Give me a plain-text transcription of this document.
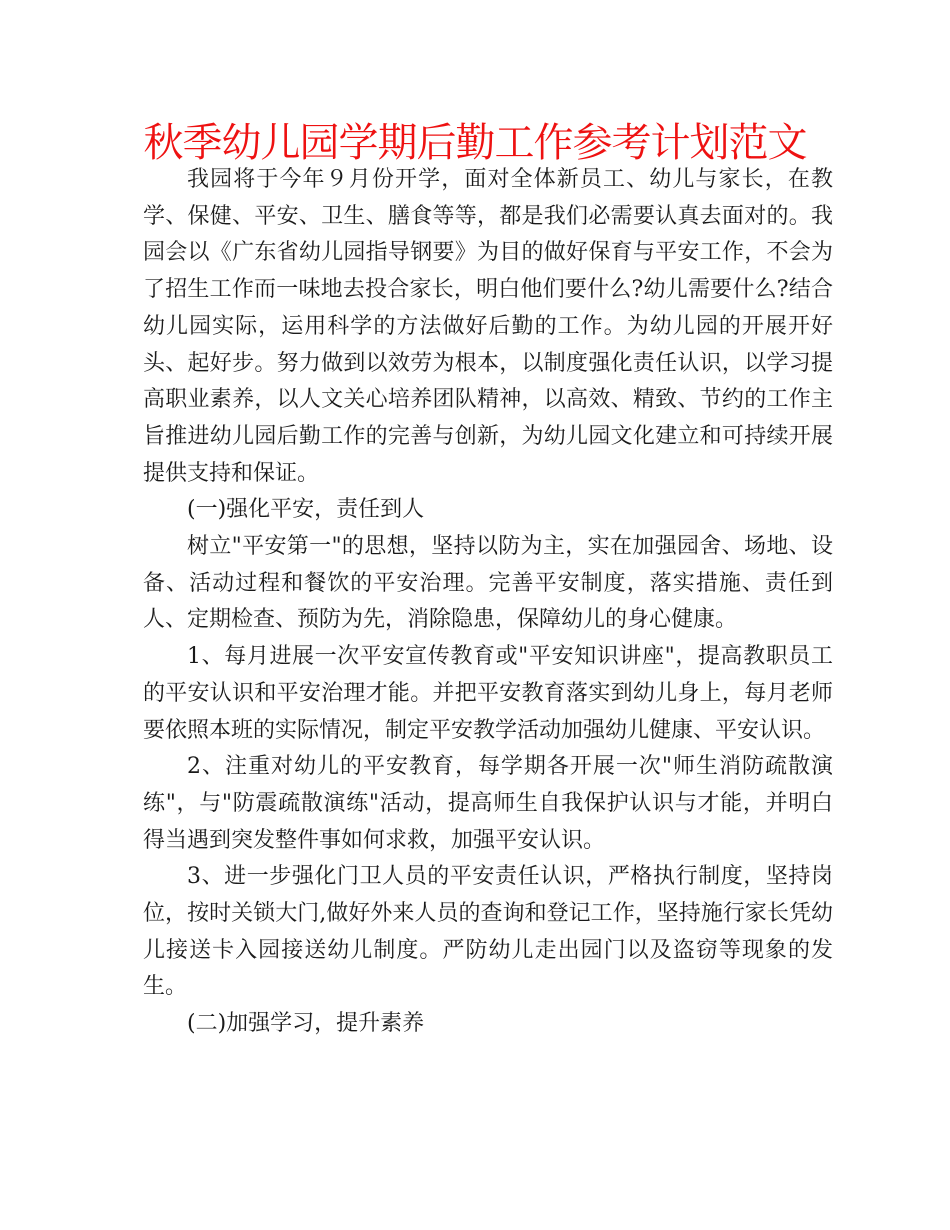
秋季幼儿园学期后勤工作参考计划范文

我园将于今年９月份开学，面对全体新员工、幼儿与家长，在教学、保健、平安、卫生、膳食等等，都是我们必需要认真去面对的。我园会以《广东省幼儿园指导钢要》为目的做好保育与平安工作，不会为了招生工作而一味地去投合家长，明白他们要什么?幼儿需要什么?结合幼儿园实际，运用科学的方法做好后勤的工作。为幼儿园的开展开好头、起好步。努力做到以效劳为根本，以制度强化责任认识，以学习提高职业素养，以人文关心培养团队精神，以高效、精致、节约的工作主旨推进幼儿园后勤工作的完善与创新，为幼儿园文化建立和可持续开展提供支持和保证。

(一)强化平安，责任到人

树立"平安第一"的思想，坚持以防为主，实在加强园舍、场地、设备、活动过程和餐饮的平安治理。完善平安制度，落实措施、责任到人、定期检查、预防为先，消除隐患，保障幼儿的身心健康。

1、每月进展一次平安宣传教育或"平安知识讲座"，提高教职员工的平安认识和平安治理才能。并把平安教育落实到幼儿身上，每月老师要依照本班的实际情况，制定平安教学活动加强幼儿健康、平安认识。

2、注重对幼儿的平安教育，每学期各开展一次"师生消防疏散演练"，与"防震疏散演练"活动，提高师生自我保护认识与才能，并明白得当遇到突发整件事如何求救，加强平安认识。

3、进一步强化门卫人员的平安责任认识，严格执行制度，坚持岗位，按时关锁大门,做好外来人员的查询和登记工作，坚持施行家长凭幼儿接送卡入园接送幼儿制度。严防幼儿走出园门以及盗窃等现象的发生。

(二)加强学习，提升素养
